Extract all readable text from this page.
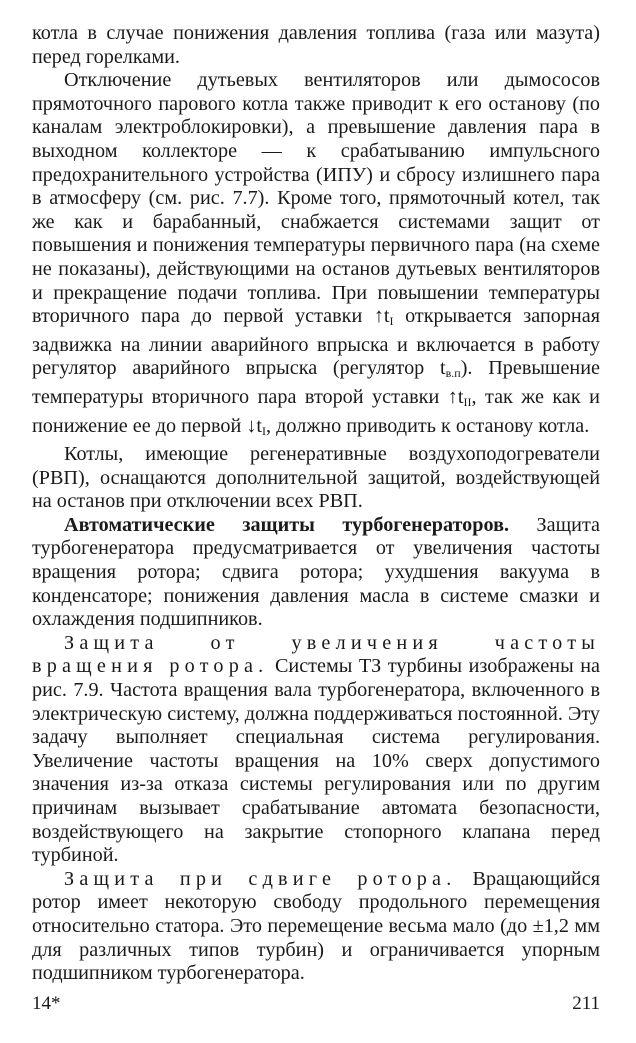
котла в случае понижения давления топлива (газа или мазута) перед горелками.

Отключение дутьевых вентиляторов или дымососов прямоточного парового котла также приводит к его останову (по каналам электроблокировки), а превышение давления пара в выходном коллекторе — к срабатыванию импульсного предохранительного устройства (ИПУ) и сбросу излишнего пара в атмосферу (см. рис. 7.7). Кроме того, прямоточный котел, так же как и барабанный, снабжается системами защит от повышения и понижения температуры первичного пара (на схеме не показаны), действующими на останов дутьевых вентиляторов и прекращение подачи топлива. При повышении температуры вторичного пара до первой уставки $↑t_I$ открывается запорная задвижка на линии аварийного впрыска и включается в работу регулятор аварийного впрыска (регулятор $t_{в.п}$). Превышение температуры вторичного пара второй уставки $↑t_{II}$, так же как и понижение ее до первой $↓t_I$, должно приводить к останову котла.

Котлы, имеющие регенеративные воздухоподогреватели (РВП), оснащаются дополнительной защитой, воздействующей на останов при отключении всех РВП.

Автоматические защиты турбогенераторов. Защита турбогенератора предусматривается от увеличения частоты вращения ротора; сдвига ротора; ухудшения вакуума в конденсаторе; понижения давления масла в системе смазки и охлаждения подшипников.

Защита от увеличения частоты вращения ротора. Системы ТЗ турбины изображены на рис. 7.9. Частота вращения вала турбогенератора, включенного в электрическую систему, должна поддерживаться постоянной. Эту задачу выполняет специальная система регулирования. Увеличение частоты вращения на 10% сверх допустимого значения из-за отказа системы регулирования или по другим причинам вызывает срабатывание автомата безопасности, воздействующего на закрытие стопорного клапана перед турбиной.

Защита при сдвиге ротора. Вращающийся ротор имеет некоторую свободу продольного перемещения относительно статора. Это перемещение весьма мало (до ±1,2 мм для различных типов турбин) и ограничивается упорным подшипником турбогенератора.

14*	211
